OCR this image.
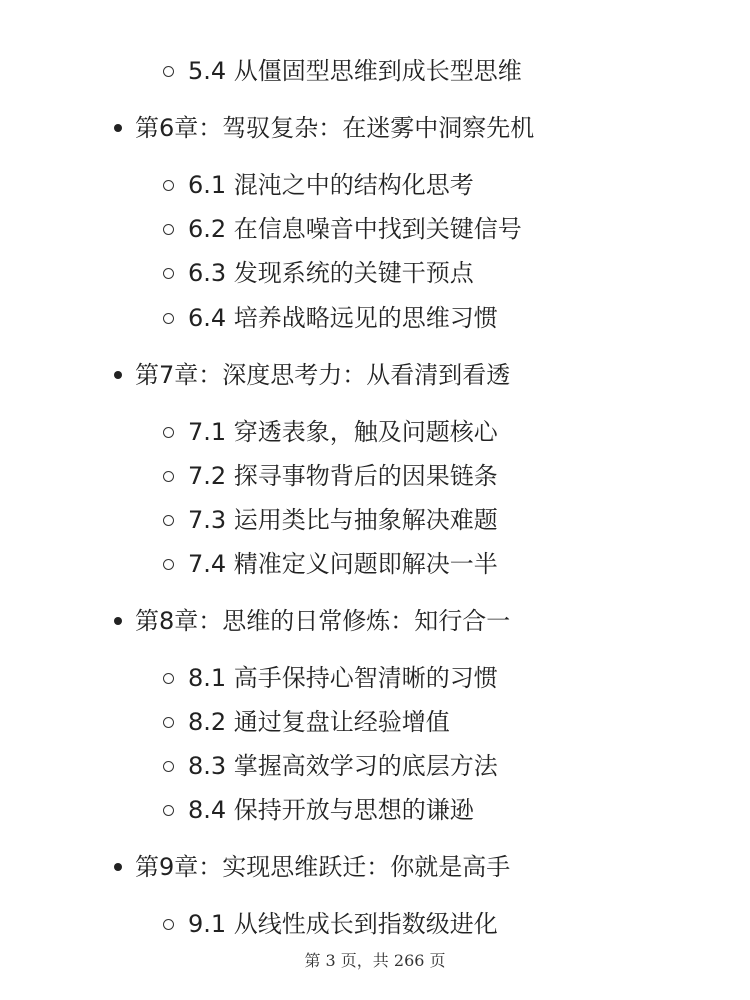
5.4 从僵固型思维到成长型思维
第6章：驾驭复杂：在迷雾中洞察先机
6.1 混沌之中的结构化思考
6.2 在信息噪音中找到关键信号
6.3 发现系统的关键干预点
6.4 培养战略远见的思维习惯
第7章：深度思考力：从看清到看透
7.1 穿透表象，触及问题核心
7.2 探寻事物背后的因果链条
7.3 运用类比与抽象解决难题
7.4 精准定义问题即解决一半
第8章：思维的日常修炼：知行合一
8.1 高手保持心智清晰的习惯
8.2 通过复盘让经验增值
8.3 掌握高效学习的底层方法
8.4 保持开放与思想的谦逊
第9章：实现思维跃迁：你就是高手
9.1 从线性成长到指数级进化
第 3 页，共 266 页
